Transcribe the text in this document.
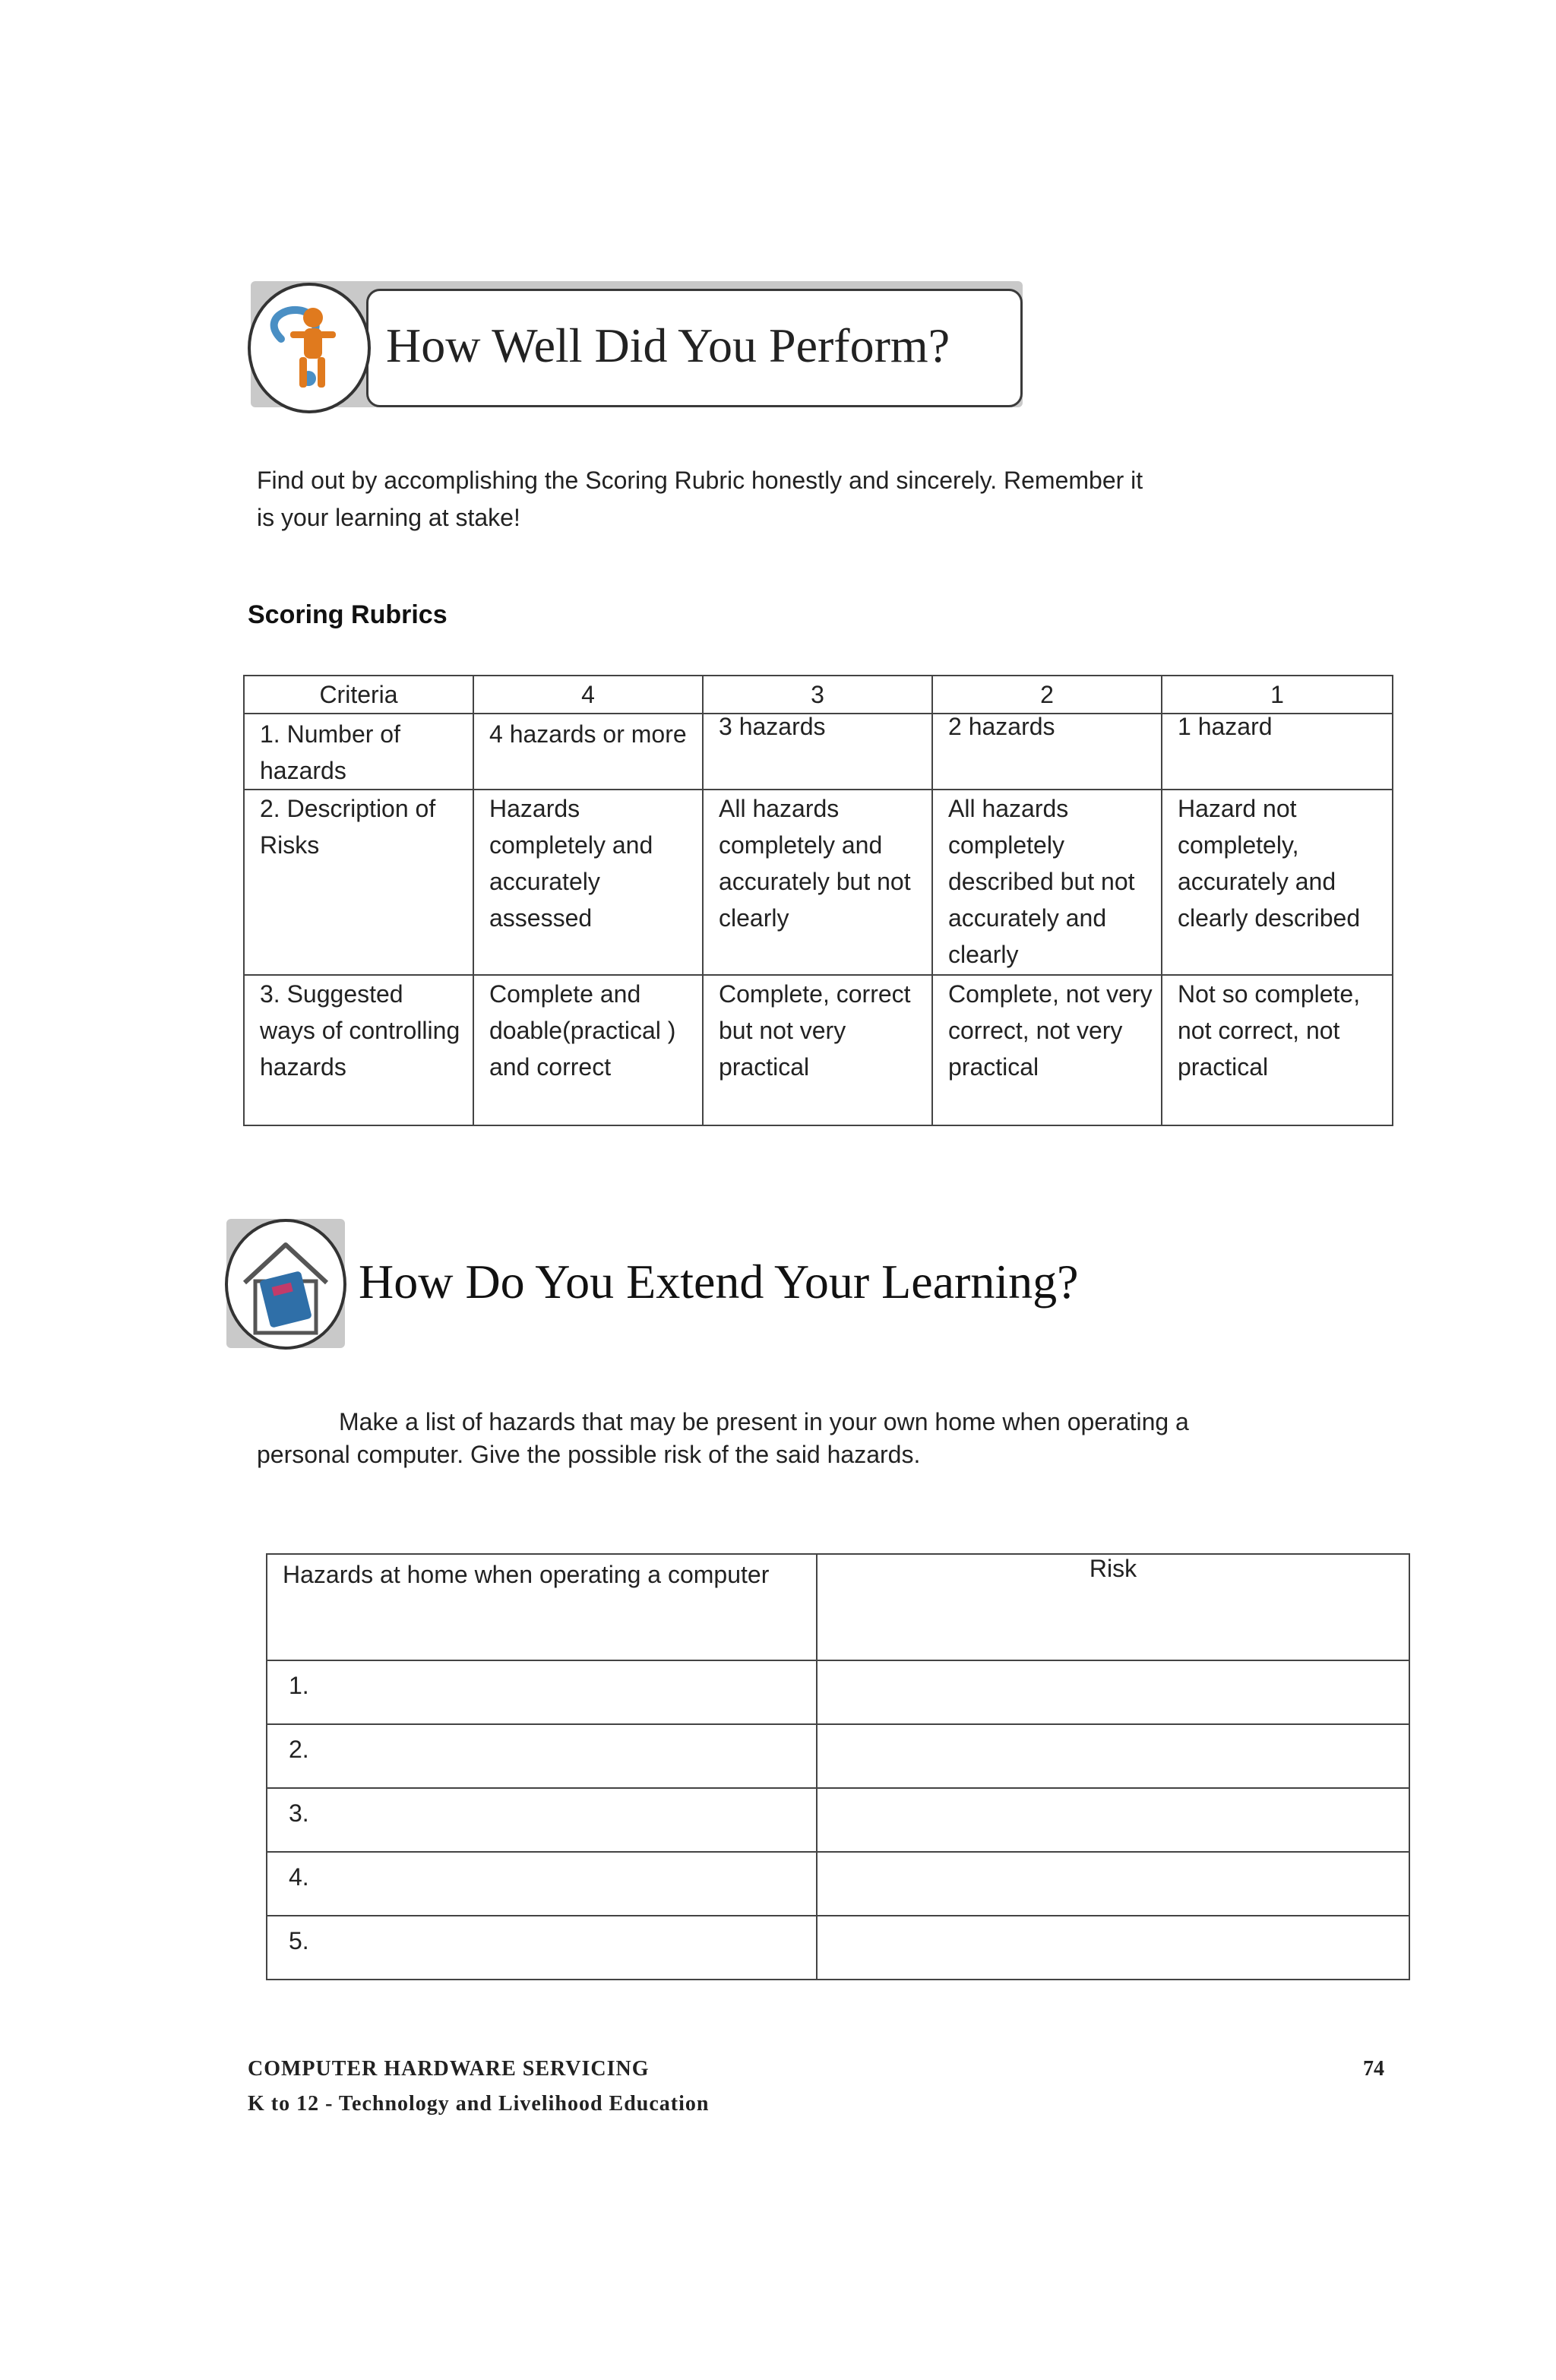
How Well Did You Perform?
Find out by accomplishing the Scoring Rubric honestly and sincerely. Remember it
is your learning at stake!
Scoring Rubrics
Criteria	4	3	2	1
1. Number of hazards	4 hazards or more	3 hazards	2 hazards	1 hazard
2. Description of Risks	Hazards completely and accurately assessed	All hazards completely and accurately but not clearly	All hazards completely described but not accurately and clearly	Hazard not completely, accurately and clearly described
3. Suggested ways of controlling hazards	Complete and doable(practical ) and correct	Complete, correct but not very practical	Complete, not very correct, not very practical	Not so complete, not correct, not practical
How Do You Extend Your Learning?
Make a list of hazards that may be present in your own home when operating a
personal computer. Give the possible risk of the said hazards.
Hazards at home when operating a computer	Risk
1.	
2.	
3.	
4.	
5.	
COMPUTER HARDWARE SERVICING
K to 12 - Technology and Livelihood Education
74
